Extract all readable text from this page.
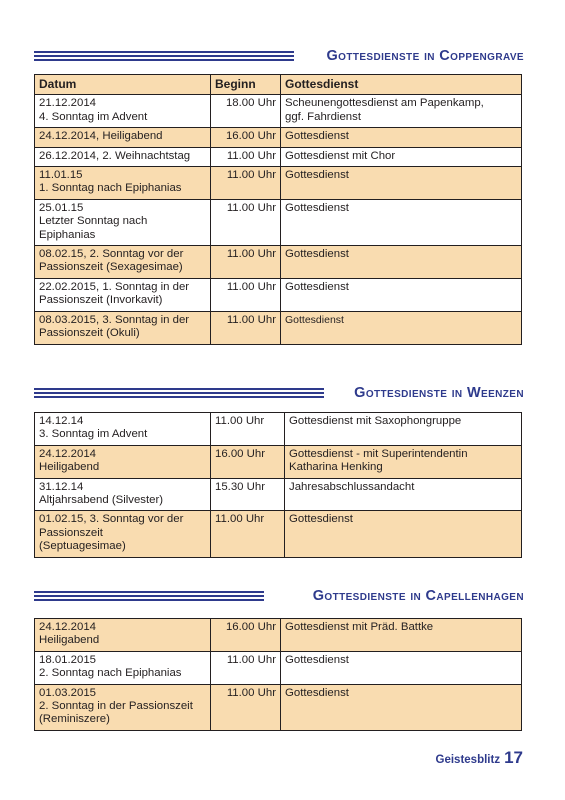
Gottesdienste in Coppengrave
Datum	Beginn	Gottesdienst

21.12.2014
4. Sonntag im Advent	18.00 Uhr	Scheunengottesdienst am Papenkamp,
ggf. Fahrdienst

24.12.2014, Heiligabend	16.00 Uhr	Gottesdienst

26.12.2014, 2. Weihnachtstag	11.00 Uhr	Gottesdienst mit Chor

11.01.15
1. Sonntag nach Epiphanias	11.00 Uhr	Gottesdienst

25.01.15
Letzter Sonntag nach
Epiphanias	11.00 Uhr	Gottesdienst

08.02.15, 2. Sonntag vor der
Passionszeit (Sexagesimae)	11.00 Uhr	Gottesdienst

22.02.2015, 1. Sonntag in der
Passionszeit (Invorkavit)	11.00 Uhr	Gottesdienst

08.03.2015, 3. Sonntag in der
Passionszeit (Okuli)	11.00 Uhr	Gottesdienst
Gottesdienste in Weenzen
14.12.14
3. Sonntag im Advent	11.00 Uhr	Gottesdienst mit Saxophongruppe

24.12.2014
Heiligabend	16.00 Uhr	Gottesdienst - mit Superintendentin
Katharina Henking

31.12.14
Altjahrsabend (Silvester)	15.30 Uhr	Jahresabschlussandacht

01.02.15, 3. Sonntag vor der
Passionszeit
(Septuagesimae)	11.00 Uhr	Gottesdienst
Gottesdienste in Capellenhagen
24.12.2014
Heiligabend	16.00 Uhr	Gottesdienst mit Präd. Battke

18.01.2015
2. Sonntag nach Epiphanias	11.00 Uhr	Gottesdienst

01.03.2015
2. Sonntag in der Passionszeit
(Reminiszere)	11.00 Uhr	Gottesdienst
Geistesblitz 17
